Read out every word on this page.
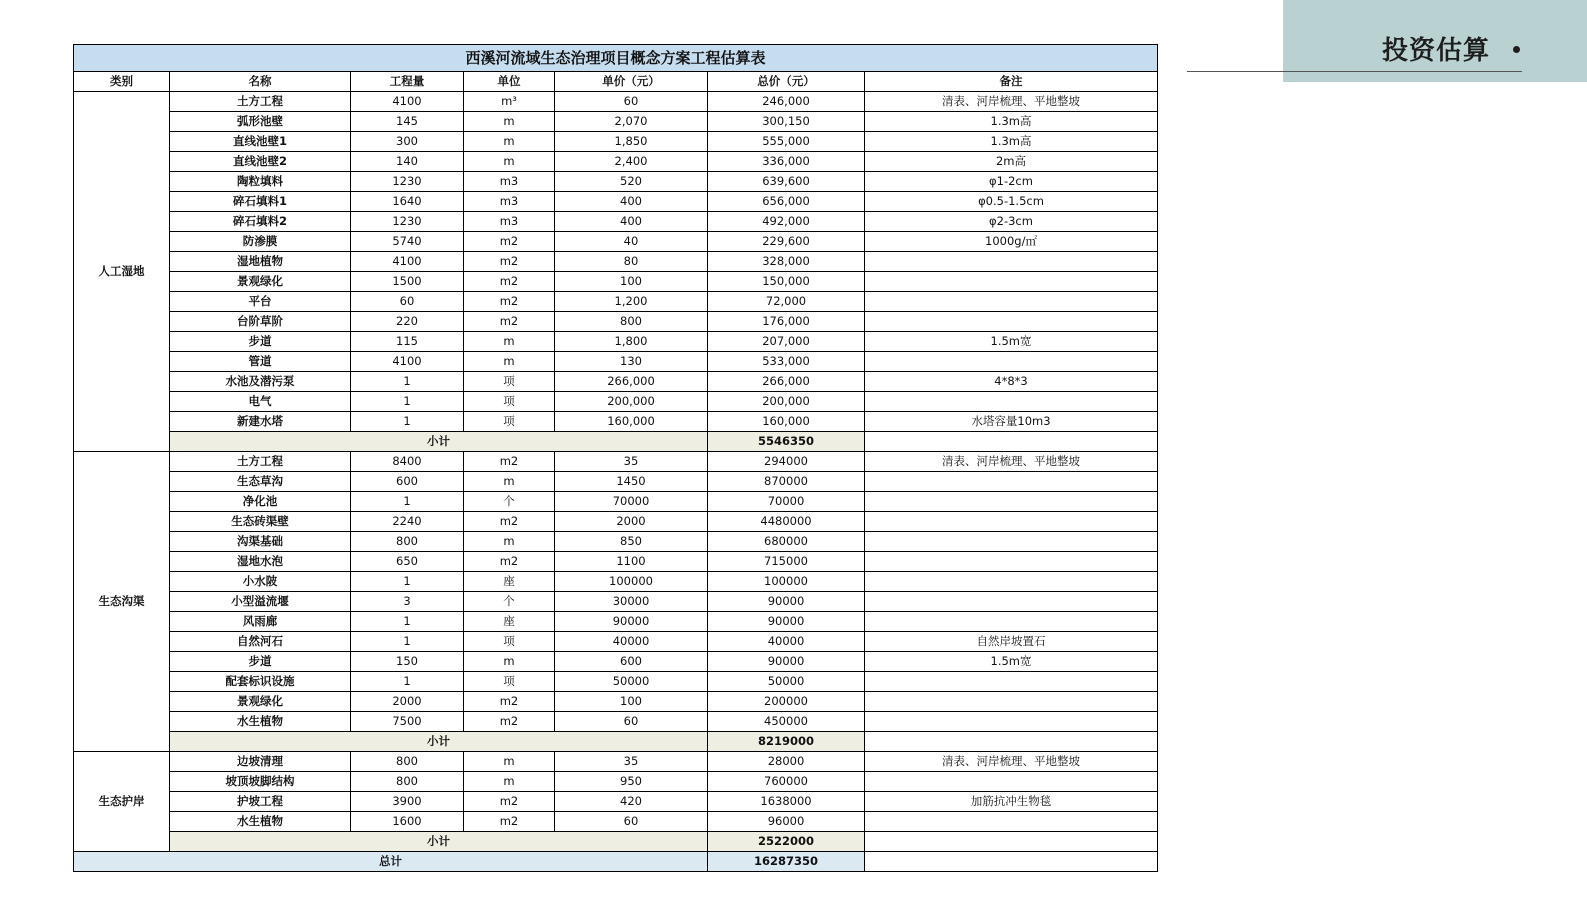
投资估算
西溪河流域生态治理项目概念方案工程估算表						
类别	名称	工程量	单位	单价（元）	总价（元）	备注
人工湿地	土方工程	4100	m³	60	246,000	清表、河岸梳理、平地整坡
	弧形池壁	145	m	2,070	300,150	1.3m高
	直线池壁1	300	m	1,850	555,000	1.3m高
	直线池壁2	140	m	2,400	336,000	2m高
	陶粒填料	1230	m3	520	639,600	φ1-2cm
	碎石填料1	1640	m3	400	656,000	φ0.5-1.5cm
	碎石填料2	1230	m3	400	492,000	φ2-3cm
	防渗膜	5740	m2	40	229,600	1000g/㎡
	湿地植物	4100	m2	80	328,000	
	景观绿化	1500	m2	100	150,000	
	平台	60	m2	1,200	72,000	
	台阶草阶	220	m2	800	176,000	
	步道	115	m	1,800	207,000	1.5m宽
	管道	4100	m	130	533,000	
	水池及潜污泵	1	项	266,000	266,000	4*8*3
	电气	1	项	200,000	200,000	
	新建水塔	1	项	160,000	160,000	水塔容量10m3
	小计				5546350	
生态沟渠	土方工程	8400	m2	35	294000	清表、河岸梳理、平地整坡
	生态草沟	600	m	1450	870000	
	净化池	1	个	70000	70000	
	生态砖渠壁	2240	m2	2000	4480000	
	沟渠基础	800	m	850	680000	
	湿地水泡	650	m2	1100	715000	
	小水陂	1	座	100000	100000	
	小型溢流堰	3	个	30000	90000	
	风雨廊	1	座	90000	90000	
	自然河石	1	项	40000	40000	自然岸坡置石
	步道	150	m	600	90000	1.5m宽
	配套标识设施	1	项	50000	50000	
	景观绿化	2000	m2	100	200000	
	水生植物	7500	m2	60	450000	
	小计				8219000	
生态护岸	边坡清理	800	m	35	28000	清表、河岸梳理、平地整坡
	坡顶坡脚结构	800	m	950	760000	
	护坡工程	3900	m2	420	1638000	加筋抗冲生物毯
	水生植物	1600	m2	60	96000	
	小计				2522000	
总计					16287350	
